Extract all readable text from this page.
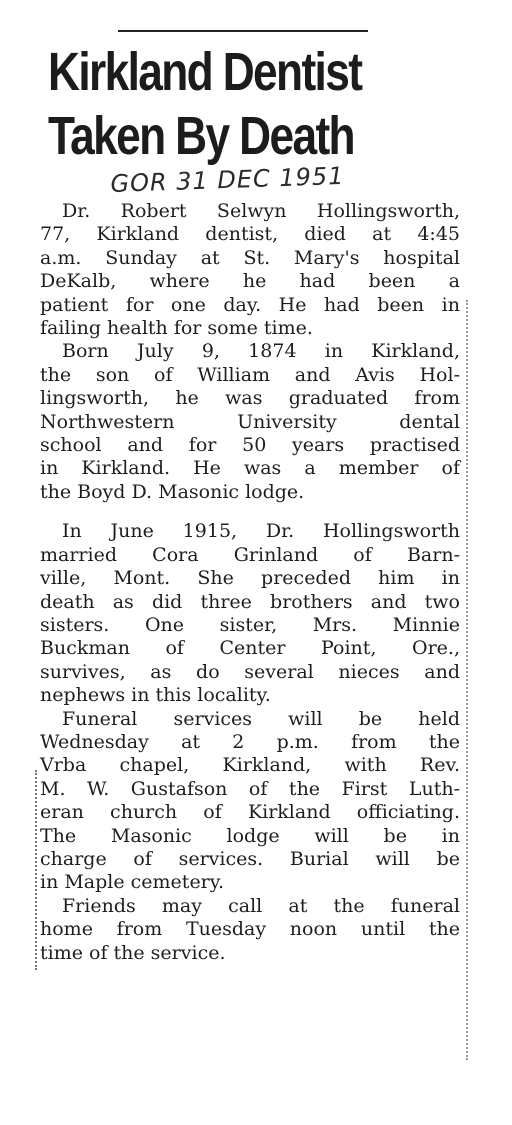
Kirkland Dentist
Taken By Death
GOR 31 DEC 1951

Dr. Robert Selwyn Hollingsworth,
77, Kirkland dentist, died at 4:45
a.m. Sunday at St. Mary's hospital
DeKalb, where he had been a
patient for one day. He had been in
failing health for some time.

Born July 9, 1874 in Kirkland,
the son of William and Avis Hol-
lingsworth, he was graduated from
Northwestern University dental
school and for 50 years practised
in Kirkland. He was a member of
the Boyd D. Masonic lodge.

In June 1915, Dr. Hollingsworth
married Cora Grinland of Barn-
ville, Mont. She preceded him in
death as did three brothers and two
sisters. One sister, Mrs. Minnie
Buckman of Center Point, Ore.,
survives, as do several nieces and
nephews in this locality.

Funeral services will be held
Wednesday at 2 p.m. from the
Vrba chapel, Kirkland, with Rev.
M. W. Gustafson of the First Luth-
eran church of Kirkland officiating.
The Masonic lodge will be in
charge of services. Burial will be
in Maple cemetery.

Friends may call at the funeral
home from Tuesday noon until the
time of the service.
